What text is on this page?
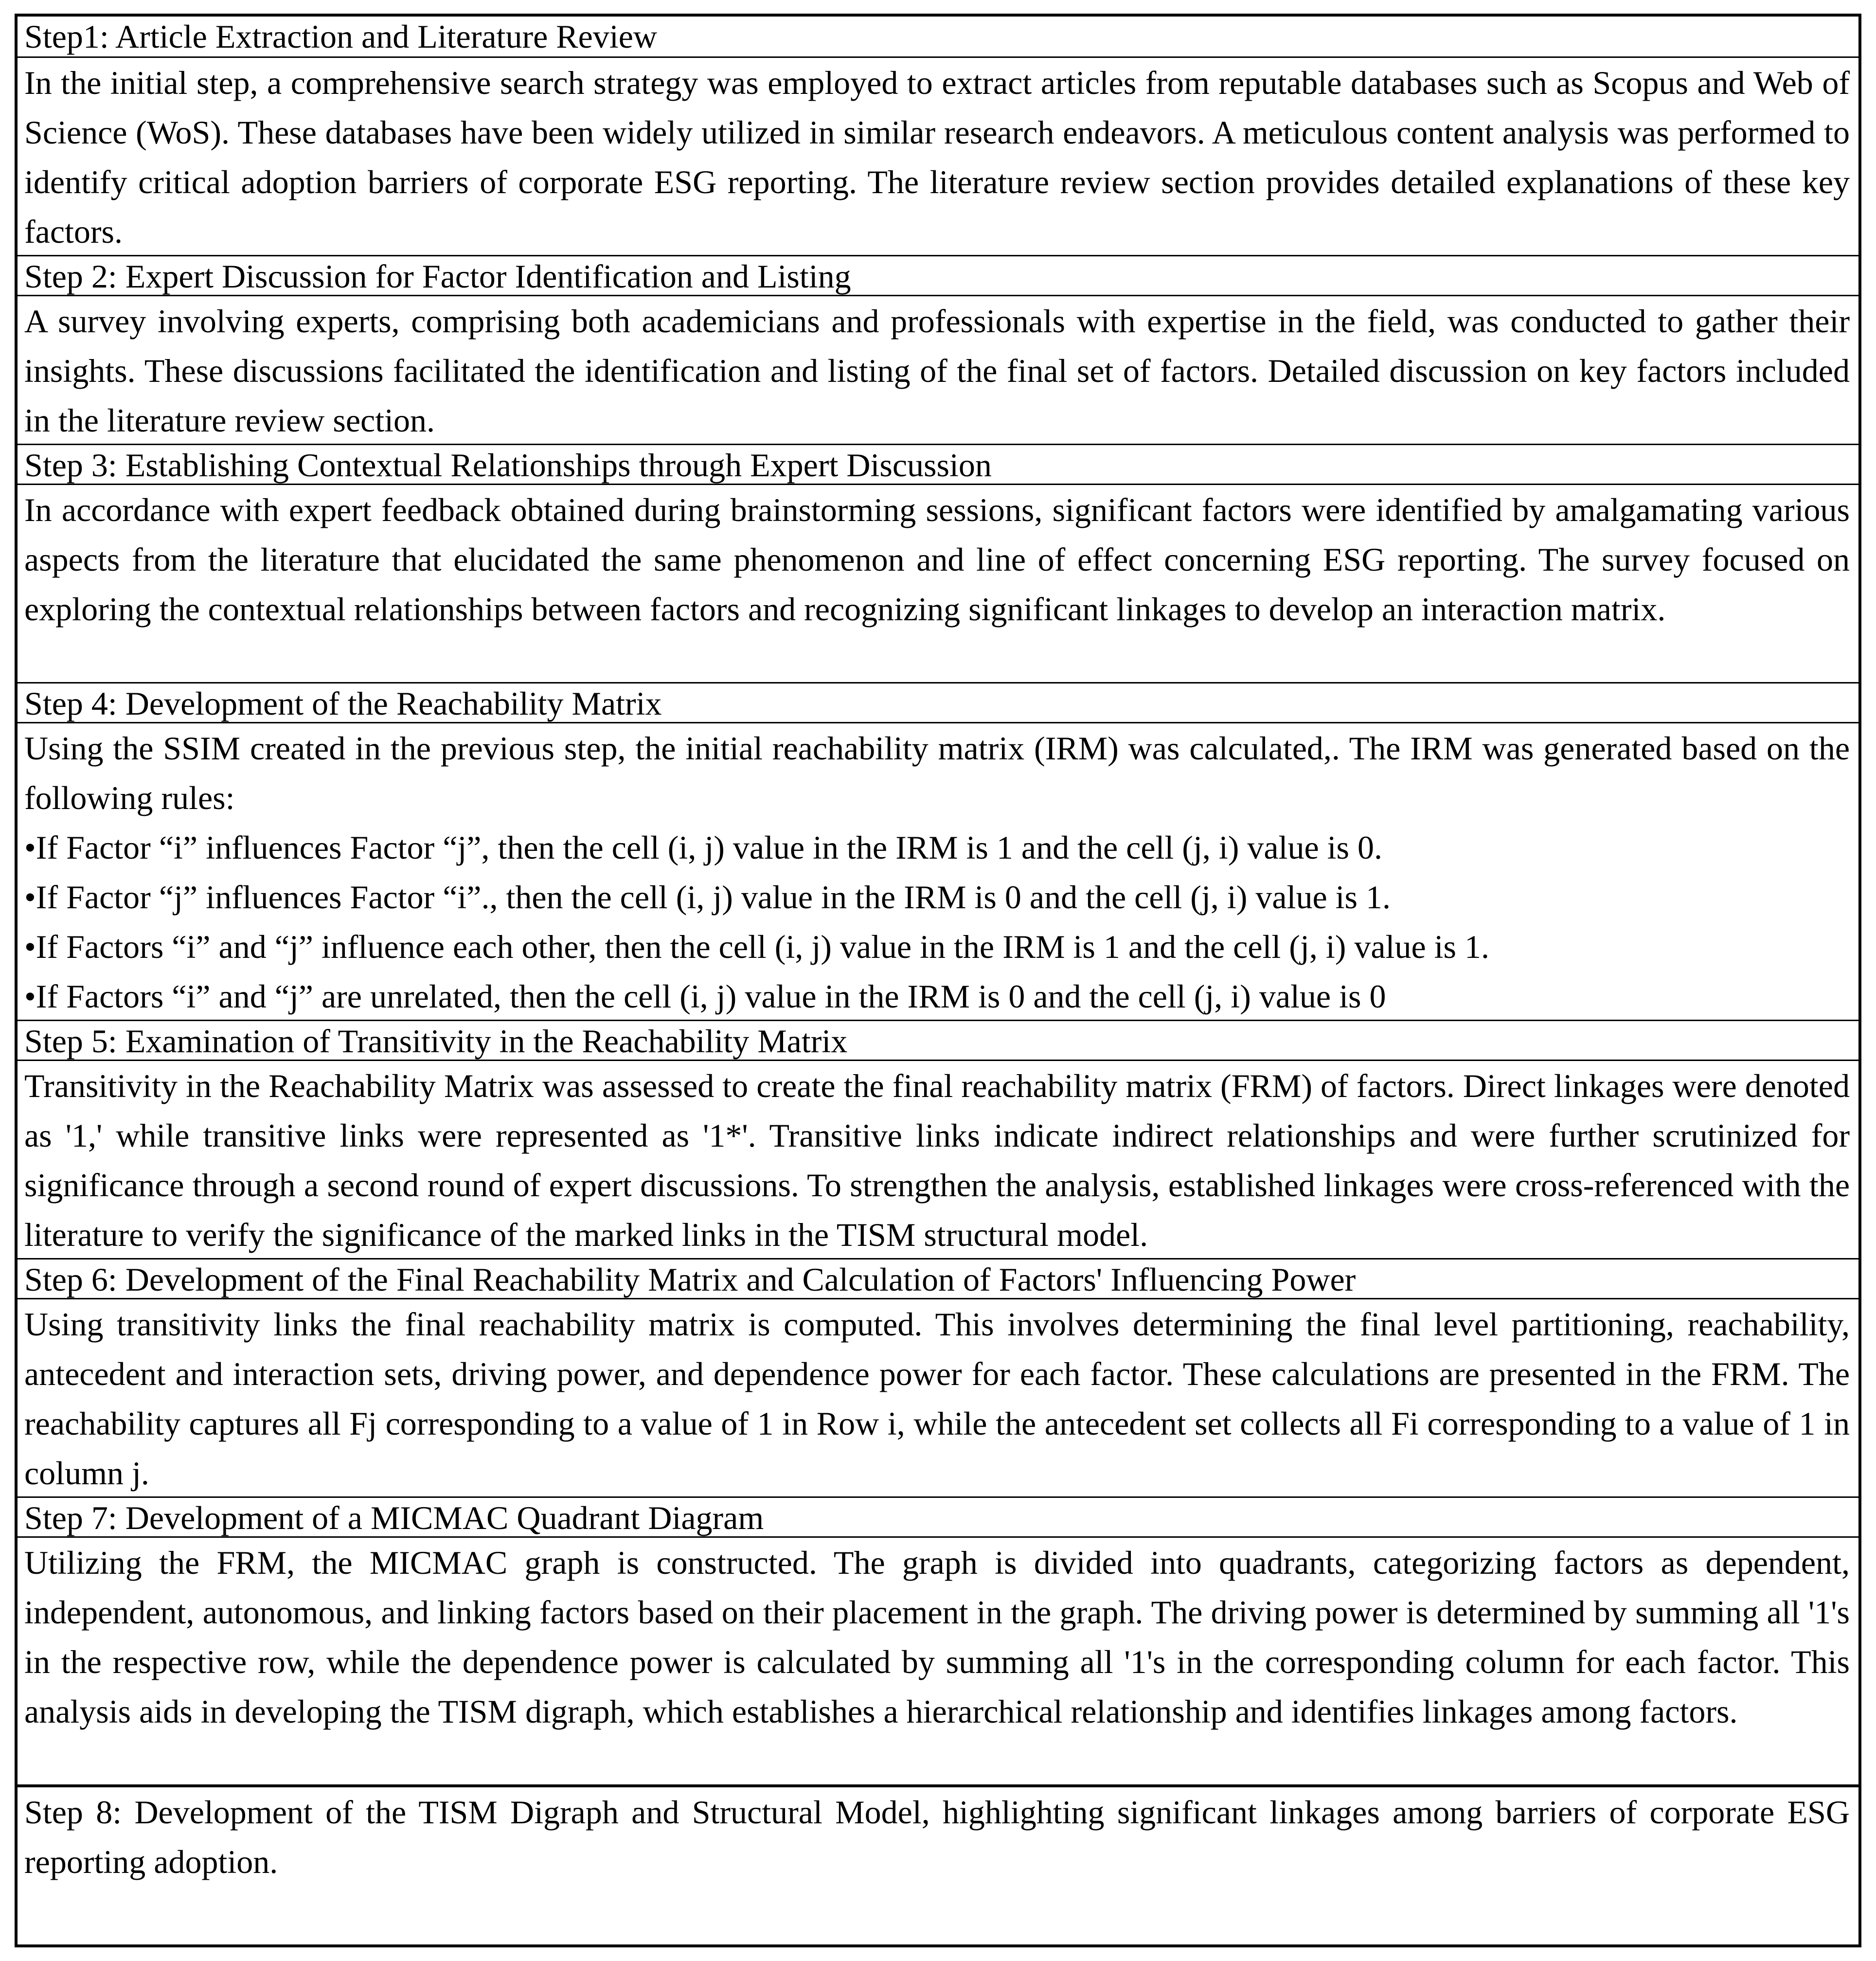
Step1: Article Extraction and Literature Review
In the initial step, a comprehensive search strategy was employed to extract articles from reputable databases such as Scopus and Web of Science (WoS). These databases have been widely utilized in similar research endeavors. A meticulous content analysis was performed to identify critical adoption barriers of corporate ESG reporting. The literature review section provides detailed explanations of these key factors.
Step 2: Expert Discussion for Factor Identification and Listing
A survey involving experts, comprising both academicians and professionals with expertise in the field, was conducted to gather their insights. These discussions facilitated the identification and listing of the final set of factors. Detailed discussion on key factors included in the literature review section.
Step 3: Establishing Contextual Relationships through Expert Discussion
In accordance with expert feedback obtained during brainstorming sessions, significant factors were identified by amalgamating various aspects from the literature that elucidated the same phenomenon and line of effect concerning ESG reporting. The survey focused on exploring the contextual relationships between factors and recognizing significant linkages to develop an interaction matrix.
Step 4: Development of the Reachability Matrix

Using the SSIM created in the previous step, the initial reachability matrix (IRM) was calculated,. The IRM was generated based on the following rules:

•If Factor “i” influences Factor “j”, then the cell (i, j) value in the IRM is 1 and the cell (j, i) value is 0.

•If Factor “j” influences Factor “i”., then the cell (i, j) value in the IRM is 0 and the cell (j, i) value is 1.

•If Factors “i” and “j” influence each other, then the cell (i, j) value in the IRM is 1 and the cell (j, i) value is 1.

•If Factors “i” and “j” are unrelated, then the cell (i, j) value in the IRM is 0 and the cell (j, i) value is 0

Step 5: Examination of Transitivity in the Reachability Matrix
Transitivity in the Reachability Matrix was assessed to create the final reachability matrix (FRM) of factors. Direct linkages were denoted as '1,' while transitive links were represented as '1*'. Transitive links indicate indirect relationships and were further scrutinized for significance through a second round of expert discussions. To strengthen the analysis, established linkages were cross-referenced with the literature to verify the significance of the marked links in the TISM structural model.
Step 6: Development of the Final Reachability Matrix and Calculation of Factors' Influencing Power
Using transitivity links the final reachability matrix is computed. This involves determining the final level partitioning, reachability, antecedent and interaction sets, driving power, and dependence power for each factor. These calculations are presented in the FRM. The reachability captures all Fj corresponding to a value of 1 in Row i, while the antecedent set collects all Fi corresponding to a value of 1 in column j.
Step 7: Development of a MICMAC Quadrant Diagram
Utilizing the FRM, the MICMAC graph is constructed. The graph is divided into quadrants, categorizing factors as dependent, independent, autonomous, and linking factors based on their placement in the graph. The driving power is determined by summing all '1's in the respective row, while the dependence power is calculated by summing all '1's in the corresponding column for each factor. This analysis aids in developing the TISM digraph, which establishes a hierarchical relationship and identifies linkages among factors.
Step 8: Development of the TISM Digraph and Structural Model, highlighting significant linkages among barriers of corporate ESG reporting adoption.
